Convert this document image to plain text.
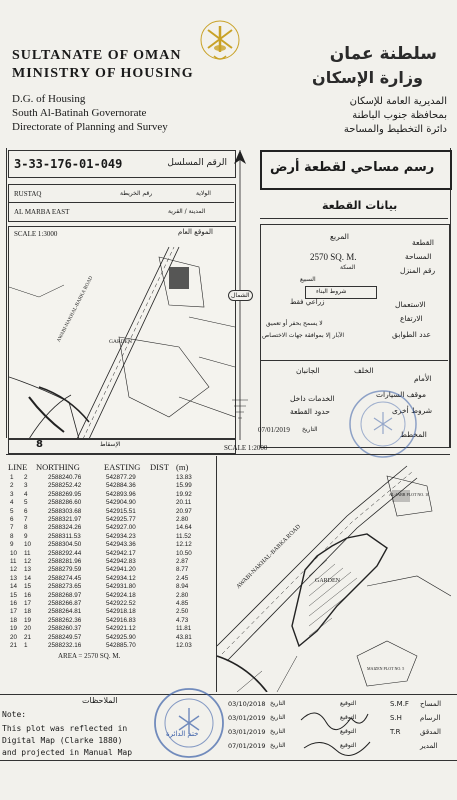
SULTANATE OF OMAN
MINISTRY OF HOUSING
D.G. of Housing
South Al-Batinah Governorate
Directorate of Planning and Survey
سلطنة عمان
وزارة الإسكان
المديرية العامة للإسكان
بمحافظة جنوب الباطنة
دائرة التخطيط والمساحة
3-33-176-01-049	الرقم المسلسل
RUSTAQ	رقم الخريطة	الولاية
AL MARBA EAST	المدينة / القرية
AWABI-NAKHAL-BARKA ROAD	GARDEN
SCALE 1:3000	الموقع العام
8	الإسقاط
الشمال
رسم مساحي لقطعة أرض
بيانات القطعة
المربع
القطعة
المساحة
2570 SQ. M.
رقم المنزل
السكة
السبيع
شروط البناء
الاستعمال
زراعي فقط
الارتفاع
لا يسمح بحفر أو تعميق
عدد الطوابق
الآبار إلا بموافقة جهات الاختصاص
الخلف
الجانبان
الأمام
موقف السيارات
الخدمات داخل
حدود القطعة	شروط أخرى
07/01/2019 التاريخ
المخطط
SCALE 1:2000
LINE NORTHING	EASTING DIST (m)
1 2	2588240.76	542877.29	13.83
2 3	2588252.42	542884.36	15.99
3 4	2588269.95	542893.96	19.92
4 5	2588286.60	542904.90	20.11
5 6	2588303.68	542915.51	20.97
6 7	2588321.97	542925.77	2.80
7 8	2588324.26	542927.00	14.64
8 9	2588311.53	542934.23	11.52
9 10	2588304.50	542943.36	12.12
10 11	2588292.44	542942.17	10.50
11 12	2588281.96	542942.83	2.87
12 13	2588279.59	542941.20	8.77
13 14	2588274.45	542934.12	2.45
14 15	2588273.65	542931.80	8.94
15 16	2588268.97	542924.18	2.80
16 17	2588266.87	542922.52	4.85
17 18	2588264.81	542918.18	2.50
18 19	2588262.36	542916.83	4.73
19 20	2588260.37	542921.12	11.81
20 21	2588249.57	542925.90	43.81
21 1	2588232.16	542885.70	12.03
AREA = 2570 SQ. M.
AWABI-NAKHAL-BARKA ROAD GARDEN
AL-JABR PLOT NO. 10
MAIZEN PLOT NO. 5
الملاحظات
Note:
This plot was reflected in
Digital Map (Clarke 1880)
and projected in Manual Map
ختم الدائرة
03/10/2018 التاريخ	التوقيع	S.M.F المساح
03/01/2019 التاريخ	التوقيع	S.H	الرسام
03/01/2019 التاريخ	التوقيع	T.R	المدقق
07/01/2019 التاريخ	التوقيع	المدير
